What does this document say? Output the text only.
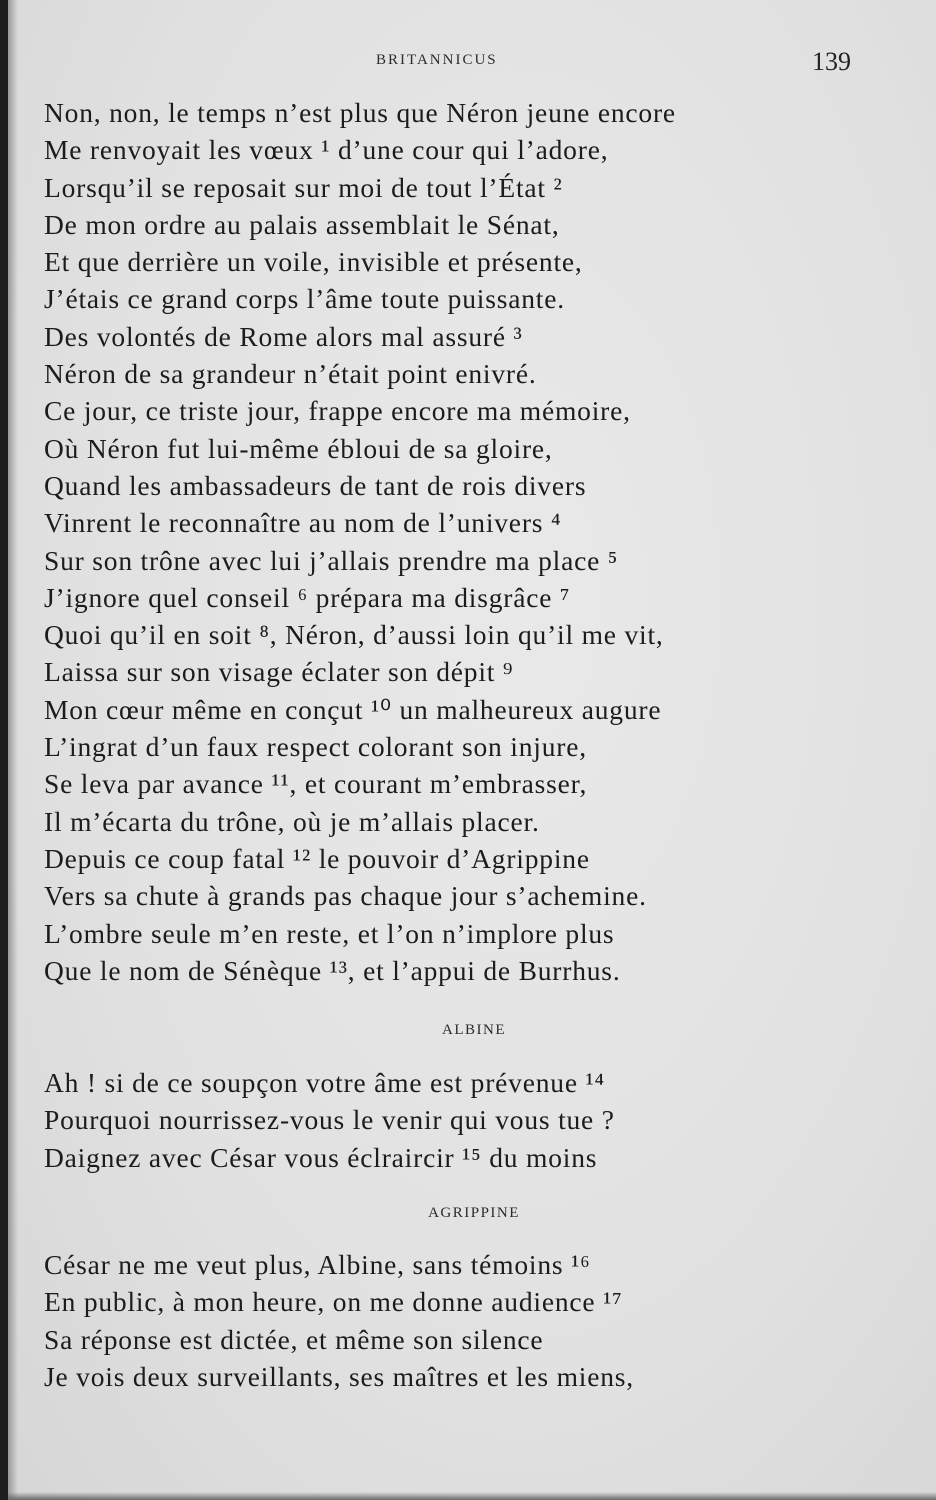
BRITANNICUS	139
Non, non, le temps n’est plus que Néron jeune encore
Me renvoyait les vœux ¹ d’une cour qui l’adore,
Lorsqu’il se reposait sur moi de tout l’État ²
De mon ordre au palais assemblait le Sénat,
Et que derrière un voile, invisible et présente,
J’étais ce grand corps l’âme toute puissante.
Des volontés de Rome alors mal assuré ³
Néron de sa grandeur n’était point enivré.
Ce jour, ce triste jour, frappe encore ma mémoire,
Où Néron fut lui-même ébloui de sa gloire,
Quand les ambassadeurs de tant de rois divers
Vinrent le reconnaître au nom de l’univers ⁴
Sur son trône avec lui j’allais prendre ma place ⁵
J’ignore quel conseil ⁶ prépara ma disgrâce ⁷
Quoi qu’il en soit ⁸, Néron, d’aussi loin qu’il me vit,
Laissa sur son visage éclater son dépit ⁹
Mon cœur même en conçut ¹⁰ un malheureux augure
L’ingrat d’un faux respect colorant son injure,
Se leva par avance ¹¹, et courant m’embrasser,
Il m’écarta du trône, où je m’allais placer.
Depuis ce coup fatal ¹² le pouvoir d’Agrippine
Vers sa chute à grands pas chaque jour s’achemine.
L’ombre seule m’en reste, et l’on n’implore plus
Que le nom de Sénèque ¹³, et l’appui de Burrhus.
ALBINE
Ah ! si de ce soupçon votre âme est prévenue ¹⁴
Pourquoi nourrissez-vous le venir qui vous tue ?
Daignez avec César vous éclraircir ¹⁵ du moins
AGRIPPINE
César ne me veut plus, Albine, sans témoins ¹⁶
En public, à mon heure, on me donne audience ¹⁷
Sa réponse est dictée, et même son silence
Je vois deux surveillants, ses maîtres et les miens,
